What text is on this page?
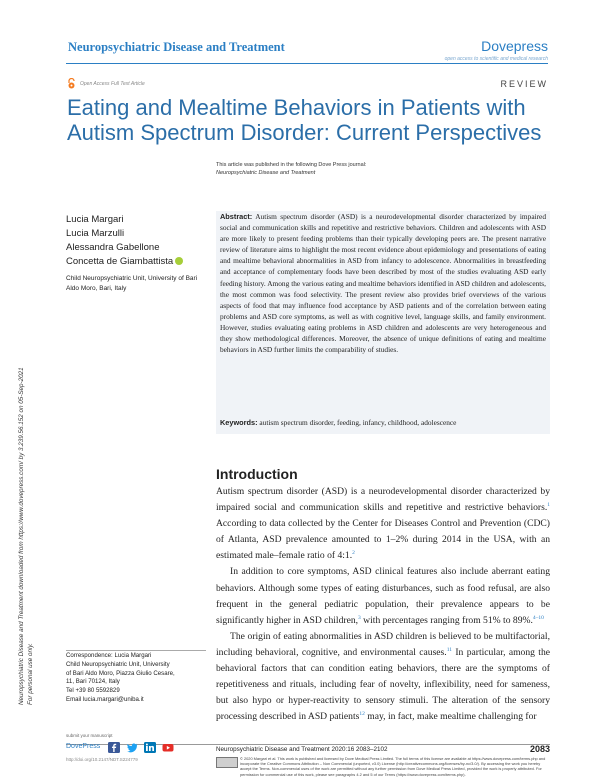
Neuropsychiatric Disease and Treatment	Dovepress
open access to scientific and medical research
Open Access Full Text Article	REVIEW
Eating and Mealtime Behaviors in Patients with Autism Spectrum Disorder: Current Perspectives
This article was published in the following Dove Press journal:
Neuropsychiatric Disease and Treatment
Lucia Margari
Lucia Marzulli
Alessandra Gabellone
Concetta de Giambattista
Child Neuropsychiatric Unit, University of Bari Aldo Moro, Bari, Italy

Abstract: Autism spectrum disorder (ASD) is a neurodevelopmental disorder characterized by impaired social and communication skills and repetitive and restrictive behaviors. Children and adolescents with ASD are more likely to present feeding problems than their typically developing peers are. The present narrative review of literature aims to highlight the most recent evidence about epidemiology and presentations of eating and mealtime behavioral abnormalities in ASD from infancy to adolescence. Abnormalities in breastfeeding and acceptance of complementary foods have been described by most of the studies evaluating ASD early feeding history. Among the various eating and mealtime behaviors identified in ASD children and adolescents, the most common was food selectivity. The present review also provides brief overviews of the various aspects of food that may influence food acceptance by ASD patients and of the correlation between eating problems and ASD core symptoms, as well as with cognitive level, language skills, and family environment. However, studies evaluating eating problems in ASD children and adolescents are very heterogeneous and they show methodological differences. Moreover, the absence of unique definitions of eating and mealtime behaviors in ASD further limits the comparability of studies.

Keywords: autism spectrum disorder, feeding, infancy, childhood, adolescence
Introduction

Autism spectrum disorder (ASD) is a neurodevelopmental disorder characterized by impaired social and communication skills and repetitive and restrictive behaviors.$^1$ According to data collected by the Center for Diseases Control and Prevention (CDC) of Atlanta, ASD prevalence amounted to 1–2% during 2014 in the USA, with an estimated male–female ratio of 4:1.$^2$

In addition to core symptoms, ASD clinical features also include aberrant eating behaviors. Although some types of eating disturbances, such as food refusal, are also frequent in the general pediatric population, their prevalence appears to be significantly higher in ASD children,$^3$ with percentages ranging from 51% to 89%.$^{4-10}$

The origin of eating abnormalities in ASD children is believed to be multifactorial, including behavioral, cognitive, and environmental causes.$^{11}$ In particular, among the behavioral factors that can condition eating behaviors, there are the symptoms of repetitiveness and rituals, including fear of novelty, inflexibility, need for sameness, but also hypo or hyper-reactivity to sensory stimuli. The alteration of the sensory processing described in ASD patients$^{12}$ may, in fact, make mealtime challenging for

Neuropsychiatric Disease and Treatment downloaded from https://www.dovepress.com/ by 3.239.56.152 on 05-Sep-2021 For personal use only.	Correspondence: Lucia Margari
Child Neuropsychiatric Unit, University
of Bari Aldo Moro, Piazza Giulio Cesare,
11, Bari 70124, Italy
Tel +39 80 5592829
Email lucia.margari@uniba.it
submit your manuscript
DovePress
http://doi.org/10.2147/NDT.S224779
Neuropsychiatric Disease and Treatment 2020:16 2083–2102	2083
© 2020 Margari et al. This work is published and licensed by Dove Medical Press Limited. The full terms of this license are available at https://www.dovepress.com/terms.php and incorporate the Creative Commons Attribution – Non Commercial (unported, v3.0) License (http://creativecommons.org/licenses/by-nc/3.0/). By accessing the work you hereby accept the Terms. Non-commercial uses of the work are permitted without any further permission from Dove Medical Press Limited, provided the work is properly attributed. For permission for commercial use of this work, please see paragraphs 4.2 and 5 of our Terms (https://www.dovepress.com/terms.php).
